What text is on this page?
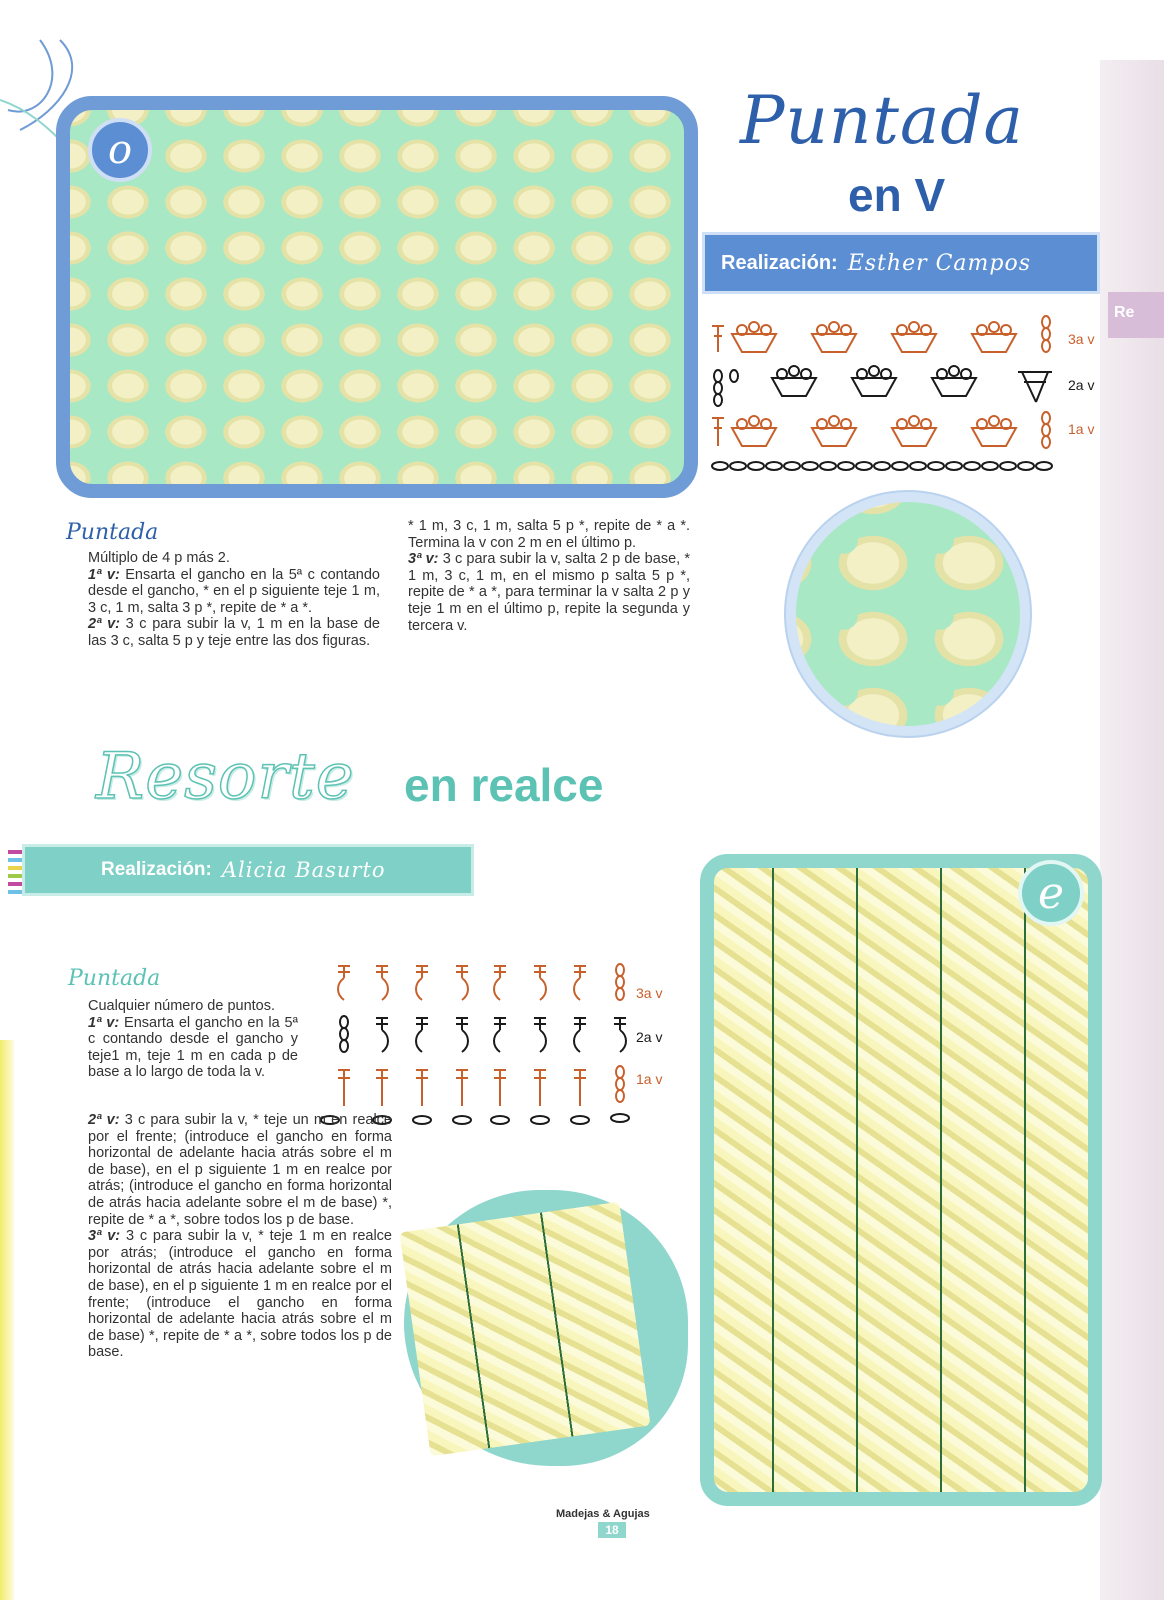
Re
o	Puntada
en V
Realización: Esther Campos
3a v
2a v
1a v
Puntada

Múltiplo de 4 p más 2.

1ª v: Ensarta el gancho en la 5ª c contando desde el gancho, * en el p siguiente teje 1 m, 3 c, 1 m, salta 3 p *, repite de * a *.

2ª v: 3 c para subir la v, 1 m en la base de las 3 c, salta 5 p y teje entre las dos figuras.

* 1 m, 3 c, 1 m, salta 5 p *, repite de * a *. Termina la v con 2 m en el último p.

3ª v: 3 c para subir la v, salta 2 p de base, * 1 m, 3 c, 1 m, en el mismo p salta 5 p *, repite de * a *, para terminar la v salta 2 p y teje 1 m en el último p, repite la segunda y tercera v.

Resorte en realce
Realización: Alicia Basurto
3a v
2a v
1a v
e
Puntada

Cualquier número de puntos.

1ª v: Ensarta el gancho en la 5ª c contando desde el gancho y teje1 m, teje 1 m en cada p de base a lo largo de toda la v.

2ª v: 3 c para subir la v, * teje un m en realce por el frente; (introduce el gancho en forma horizontal de adelante hacia atrás sobre el m de base), en el p siguiente 1 m en realce por atrás; (introduce el gancho en forma horizontal de atrás hacia adelante sobre el m de base) *, repite de * a *, sobre todos los p de base.

3ª v: 3 c para subir la v, * teje 1 m en realce por atrás; (introduce el gancho en forma horizontal de atrás hacia adelante sobre el m de base), en el p siguiente 1 m en realce por el frente; (introduce el gancho en forma horizontal de adelante hacia atrás sobre el m de base) *, repite de * a *, sobre todos los p de base.

Madejas & Agujas
18
